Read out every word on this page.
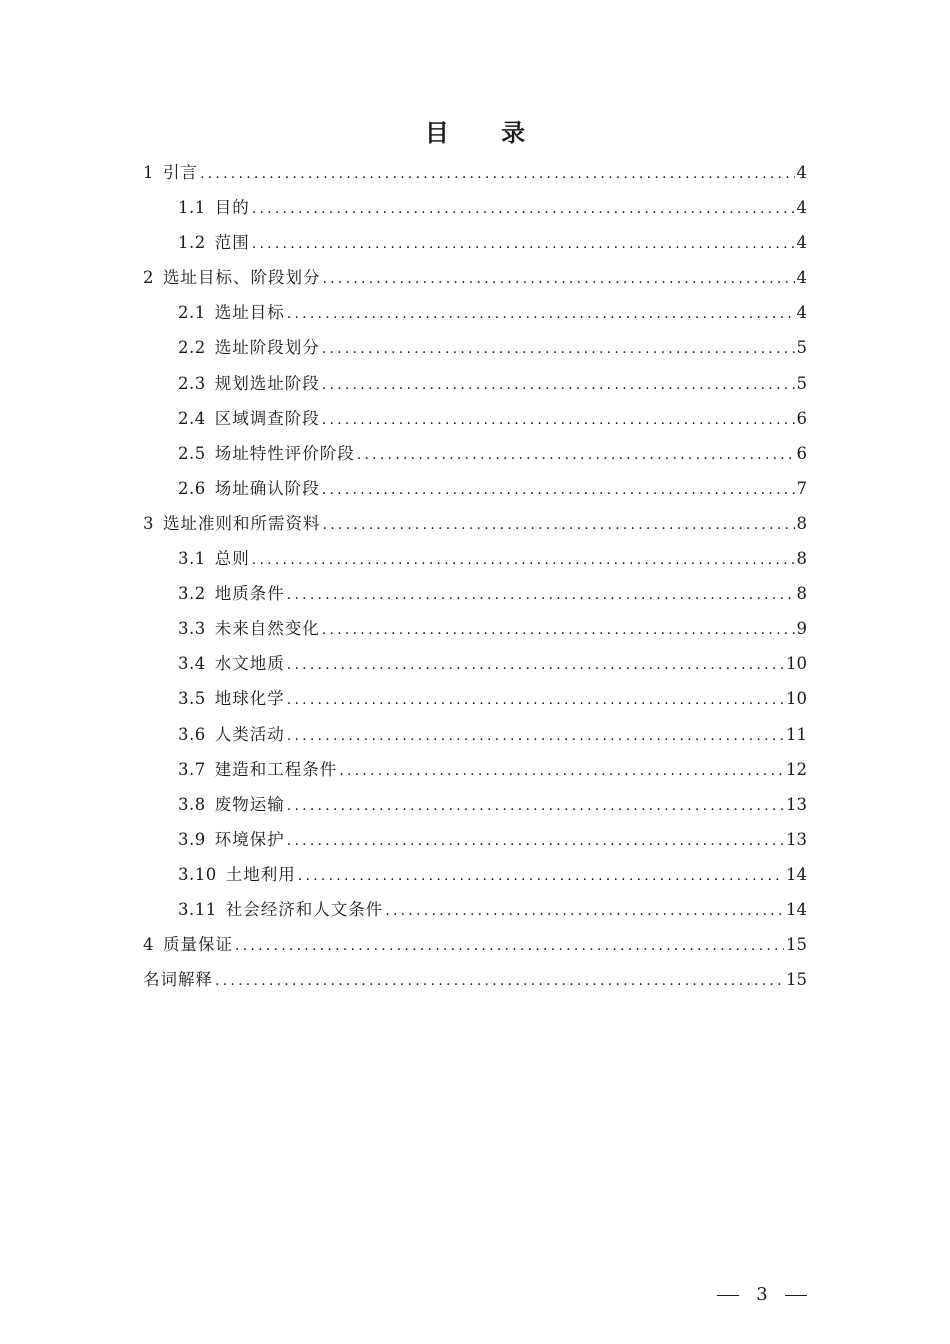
目 录
1 引言 . . .	4
1.1 目的 . . .	4
1.2 范围 . . .	4
2 选址目标、阶段划分 . . .	4
2.1 选址目标 . . .	4
2.2 选址阶段划分 . . .	5
2.3 规划选址阶段 . . .	5
2.4 区域调查阶段 . . .	6
2.5 场址特性评价阶段 . . .	6
2.6 场址确认阶段 . . .	7
3 选址准则和所需资料 . . .	8
3.1 总则 . . .	8
3.2 地质条件 . . .	8
3.3 未来自然变化 . . .	9
3.4 水文地质 . . .	10
3.5 地球化学 . . .	10
3.6 人类活动 . . .	11
3.7 建造和工程条件 . . .	12
3.8 废物运输 . . .	13
3.9 环境保护 . . .	13
3.10 土地利用 . . .	14
3.11 社会经济和人文条件 . . .	14
4 质量保证 . . .	15
名词解释 . . .	15
3
